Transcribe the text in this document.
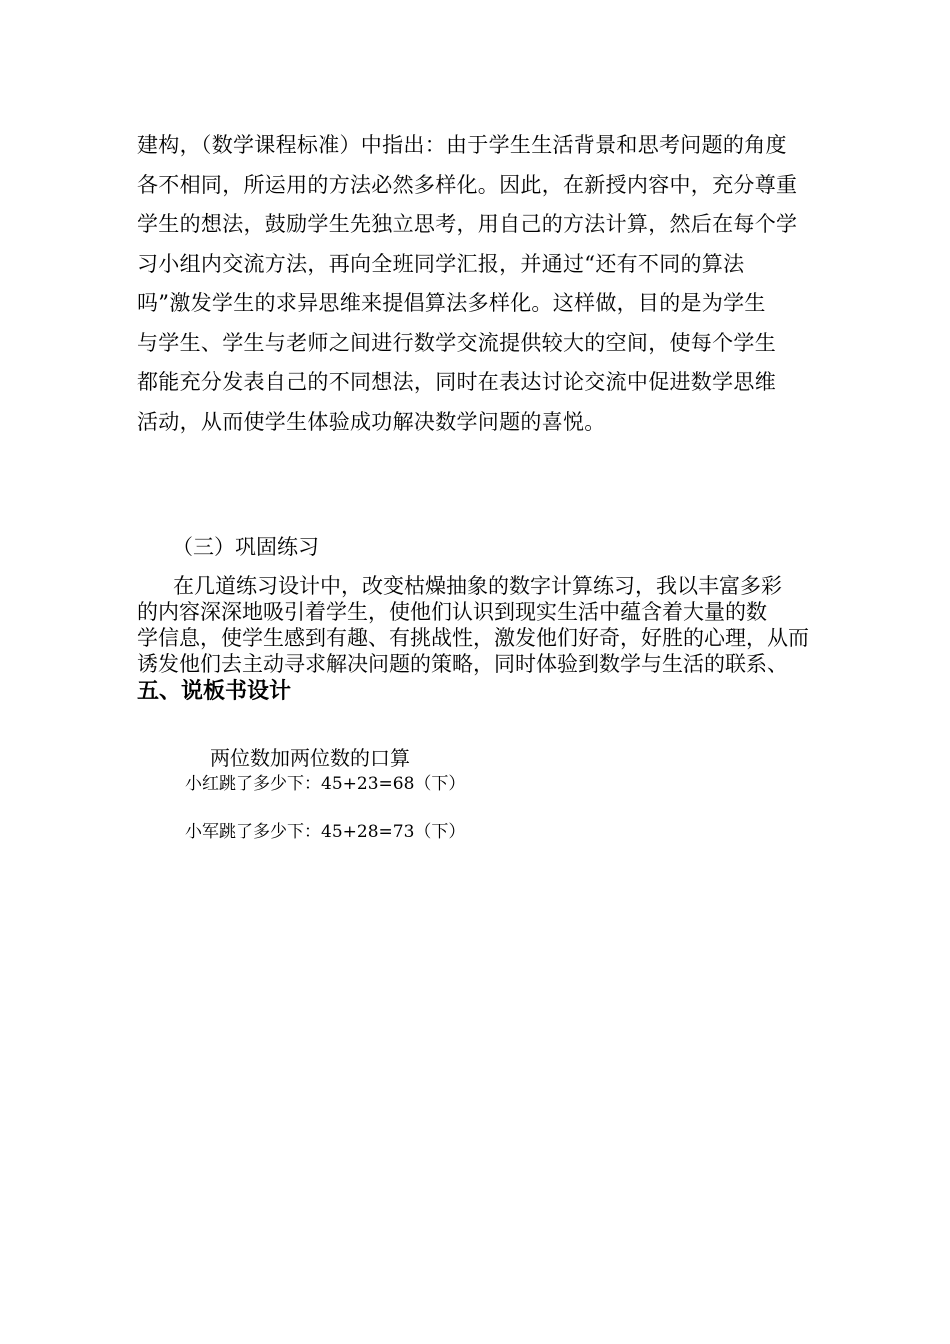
建构，（数学课程标准）中指出：由于学生生活背景和思考问题的角度
各不相同，所运用的方法必然多样化。因此，在新授内容中，充分尊重
学生的想法，鼓励学生先独立思考，用自己的方法计算，然后在每个学
习小组内交流方法，再向全班同学汇报，并通过“还有不同的算法
吗”激发学生的求异思维来提倡算法多样化。这样做，目的是为学生
与学生、学生与老师之间进行数学交流提供较大的空间，使每个学生
都能充分发表自己的不同想法，同时在表达讨论交流中促进数学思维
活动，从而使学生体验成功解决数学问题的喜悦。
（三）巩固练习
在几道练习设计中，改变枯燥抽象的数字计算练习，我以丰富多彩
的内容深深地吸引着学生，使他们认识到现实生活中蕴含着大量的数
学信息，使学生感到有趣、有挑战性，激发他们好奇，好胜的心理，从而
诱发他们去主动寻求解决问题的策略，同时体验到数学与生活的联系、
五、说板书设计
两位数加两位数的口算
小红跳了多少下：45+23=68（下）
小军跳了多少下：45+28=73（下）
